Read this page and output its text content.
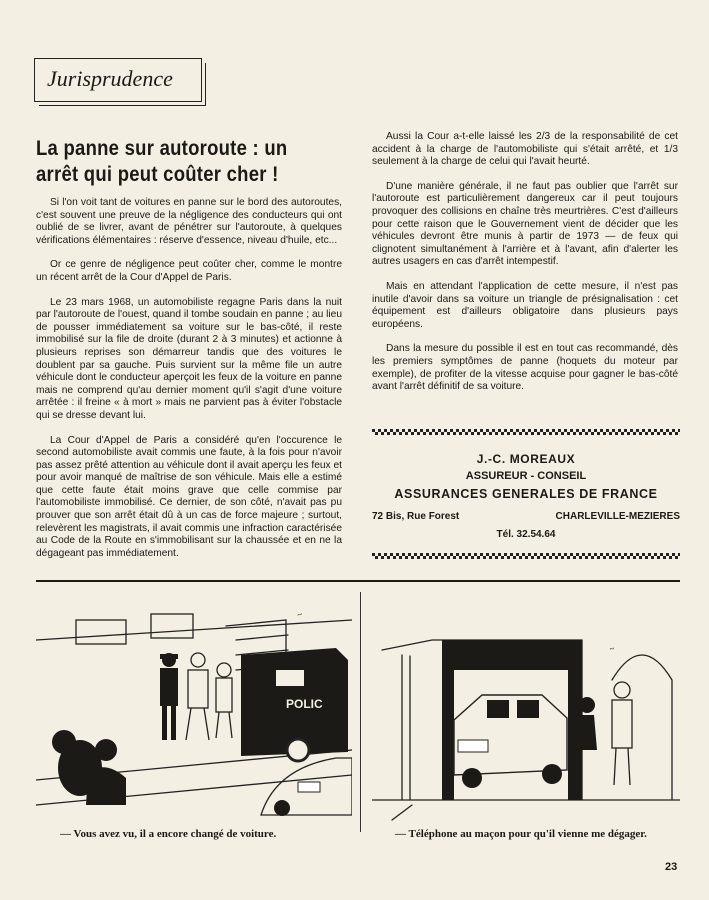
Jurisprudence
La panne sur autoroute : un arrêt qui peut coûter cher !

Si l'on voit tant de voitures en panne sur le bord des autoroutes, c'est souvent une preuve de la négligence des conducteurs qui ont oublié de se livrer, avant de pénétrer sur l'autoroute, à quelques vérifications élémentaires : réserve d'essence, niveau d'huile, etc...

Or ce genre de négligence peut coûter cher, comme le montre un récent arrêt de la Cour d'Appel de Paris.

Le 23 mars 1968, un automobiliste regagne Paris dans la nuit par l'autoroute de l'ouest, quand il tombe soudain en panne ; au lieu de pousser immédiatement sa voiture sur le bas-côté, il reste immobilisé sur la file de droite (durant 2 à 3 minutes) et actionne à plusieurs reprises son démarreur tandis que des voitures le doublent par sa gauche. Puis survient sur la même file un autre véhicule dont le conducteur aperçoit les feux de la voiture en panne mais ne comprend qu'au dernier moment qu'il s'agit d'une voiture arrêtée : il freine « à mort » mais ne parvient pas à éviter l'obstacle qui se dresse devant lui.

La Cour d'Appel de Paris a considéré qu'en l'occurence le second automobiliste avait commis une faute, à la fois pour n'avoir pas assez prêté attention au véhicule dont il avait aperçu les feux et pour avoir manqué de maîtrise de son véhicule. Mais elle a estimé que cette faute était moins grave que celle commise par l'automobiliste immobilisé. Ce dernier, de son côté, n'avait pas pu prouver que son arrêt était dû à un cas de force majeure ; surtout, relevèrent les magistrats, il avait commis une infraction caractérisée au Code de la Route en s'immobilisant sur la chaussée et en ne la dégageant pas immédiatement.

Aussi la Cour a-t-elle laissé les 2/3 de la responsabilité de cet accident à la charge de l'automobiliste qui s'était arrêté, et 1/3 seulement à la charge de celui qui l'avait heurté.

D'une manière générale, il ne faut pas oublier que l'arrêt sur l'autoroute est particulièrement dangereux car il peut toujours provoquer des collisions en chaîne très meurtrières. C'est d'ailleurs pour cette raison que le Gouvernement vient de décider que les véhicules devront être munis à partir de 1973 — de feux qui clignotent simultanément à l'arrière et à l'avant, afin d'alerter les autres usagers en cas d'arrêt intempestif.

Mais en attendant l'application de cette mesure, il n'est pas inutile d'avoir dans sa voiture un triangle de présignalisation : cet équipement est d'ailleurs obligatoire dans plusieurs pays européens.

Dans la mesure du possible il est en tout cas recommandé, dès les premiers symptômes de panne (hoquets du moteur par exemple), de profiter de la vitesse acquise pour gagner le bas-côté avant l'arrêt définitif de sa voiture.

J.-C. MOREAUX
ASSUREUR - CONSEIL
ASSURANCES GENERALES DE FRANCE
72 Bis, Rue Forest	CHARLEVILLE-MEZIERES
Tél. 32.54.64
POLIC
~
~
— Vous avez vu, il a encore changé de voiture.	— Téléphone au maçon pour qu'il vienne me dégager.
23
